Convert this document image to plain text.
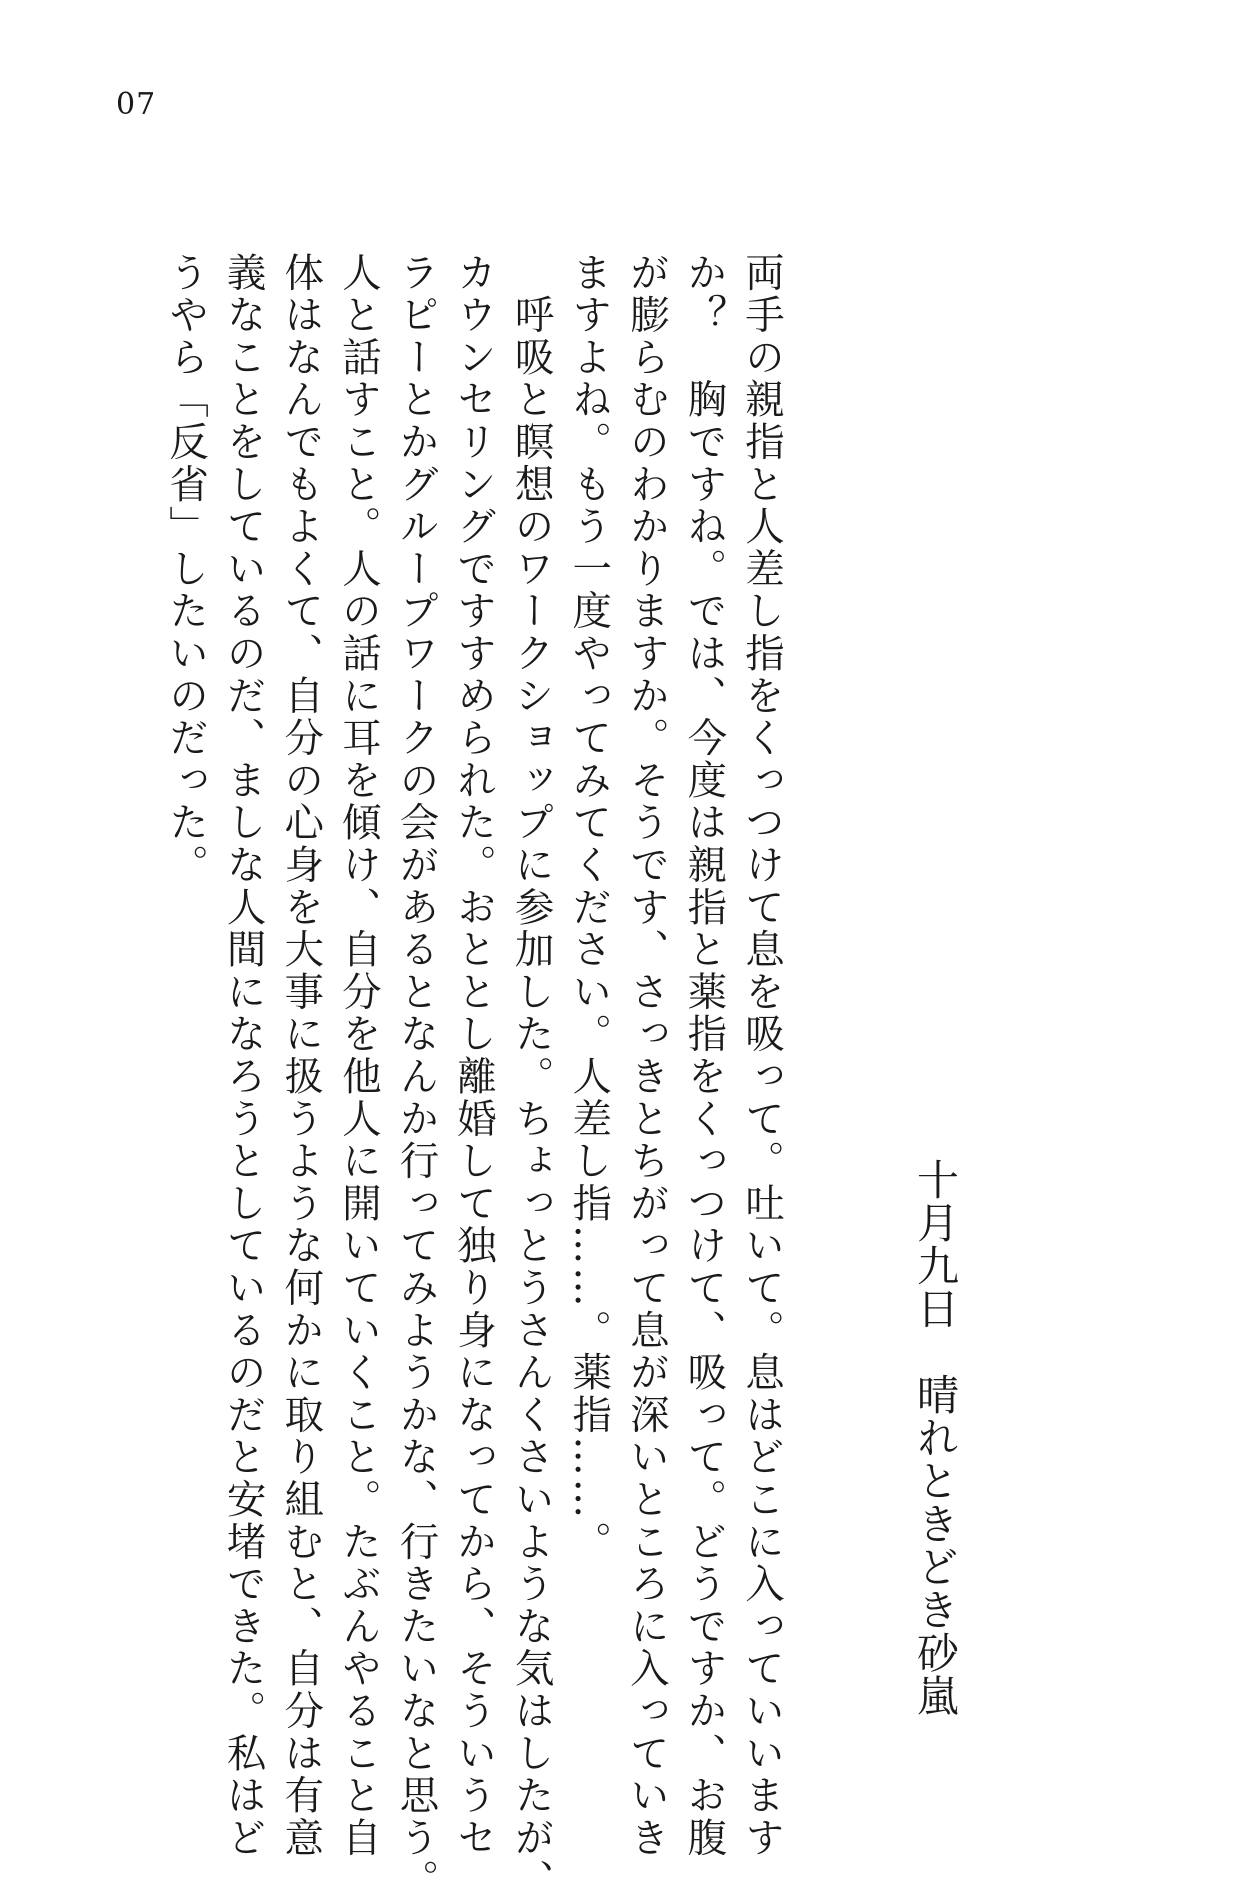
07
十月九日　晴れときどき砂嵐
両手の親指と人差し指をくっつけて息を吸って。吐いて。息はどこに入っていいます
か？　胸ですね。では、今度は親指と薬指をくっつけて、吸って。どうですか、お腹
が膨らむのわかりますか。そうです、さっきとちがって息が深いところに入っていき
ますよね。もう一度やってみてください。人差し指……。薬指……。
　呼吸と瞑想のワークショップに参加した。ちょっとうさんくさいような気はしたが、
カウンセリングですすめられた。おととし離婚して独り身になってから、そういうセ
ラピーとかグループワークの会があるとなんか行ってみようかな、行きたいなと思う。
人と話すこと。人の話に耳を傾け、自分を他人に開いていくこと。たぶんやること自
体はなんでもよくて、自分の心身を大事に扱うような何かに取り組むと、自分は有意
義なことをしているのだ、ましな人間になろうとしているのだと安堵できた。私はど
うやら「反省」したいのだった。
